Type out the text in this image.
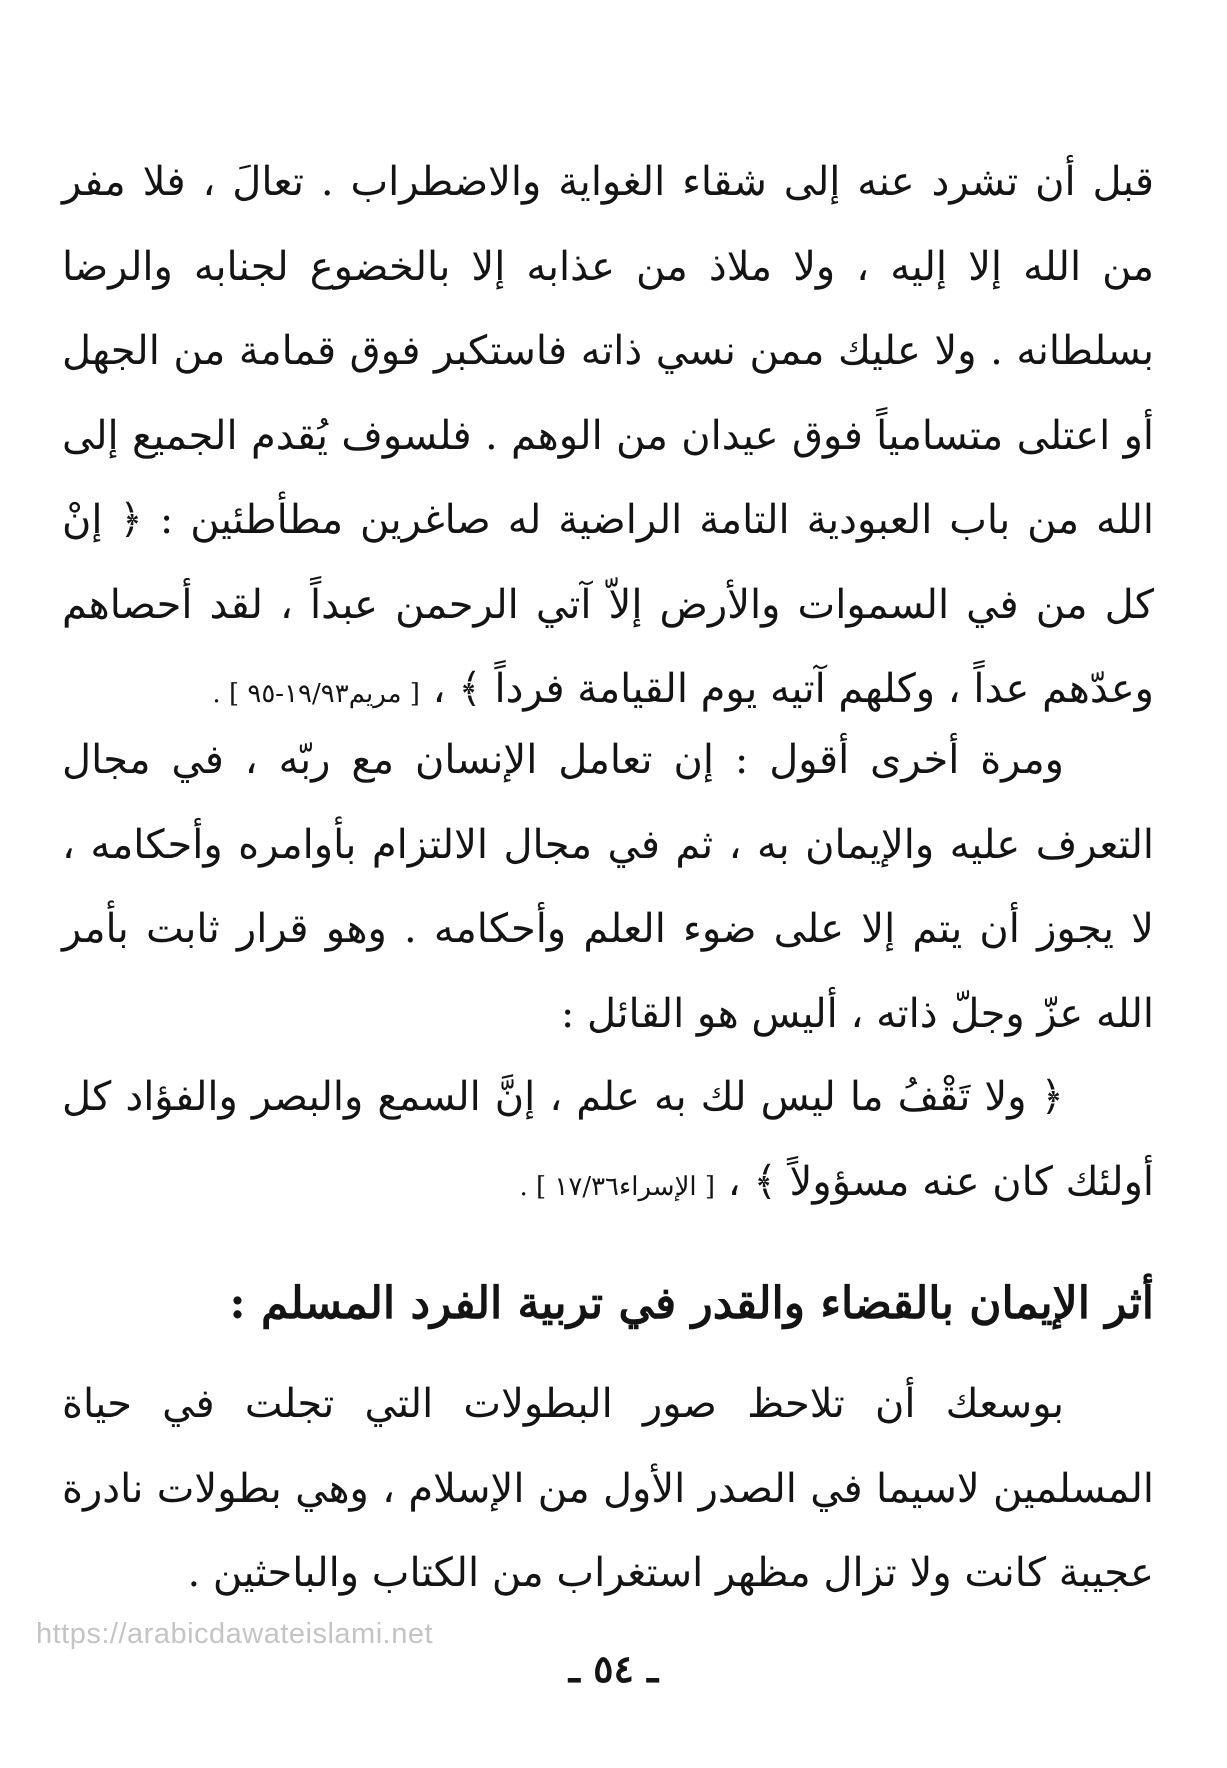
قبل أن تشرد عنه إلى شقاء الغواية والاضطراب . تعالَ ، فلا مفر من الله إلا إليه ، ولا ملاذ من عذابه إلا بالخضوع لجنابه والرضا بسلطانه . ولا عليك ممن نسي ذاته فاستكبر فوق قمامة من الجهل أو اعتلى متسامياً فوق عيدان من الوهم . فلسوف يُقدم الجميع إلى الله من باب العبودية التامة الراضية له صاغرين مطأطئين : ﴿ إنْ كل من في السموات والأرض إلاّ آتي الرحمن عبداً ، لقد أحصاهم وعدّهم عداً ، وكلهم آتيه يوم القيامة فرداً ﴾ ، [ مريم١٩/٩٣-٩٥ ] .

ومرة أخرى أقول : إن تعامل الإنسان مع ربّه ، في مجال التعرف عليه والإيمان به ، ثم في مجال الالتزام بأوامره وأحكامه ، لا يجوز أن يتم إلا على ضوء العلم وأحكامه . وهو قرار ثابت بأمر الله عزّ وجلّ ذاته ، أليس هو القائل :

﴿ ولا تَقْفُ ما ليس لك به علم ، إنَّ السمع والبصر والفؤاد كل أولئك كان عنه مسؤولاً ﴾ ، [ الإسراء١٧/٣٦ ] .

أثر الإيمان بالقضاء والقدر في تربية الفرد المسلم :

بوسعك أن تلاحظ صور البطولات التي تجلت في حياة المسلمين لاسيما في الصدر الأول من الإسلام ، وهي بطولات نادرة عجيبة كانت ولا تزال مظهر استغراب من الكتاب والباحثين .

https://arabicdawateislami.net
ـ ٥٤ ـ
